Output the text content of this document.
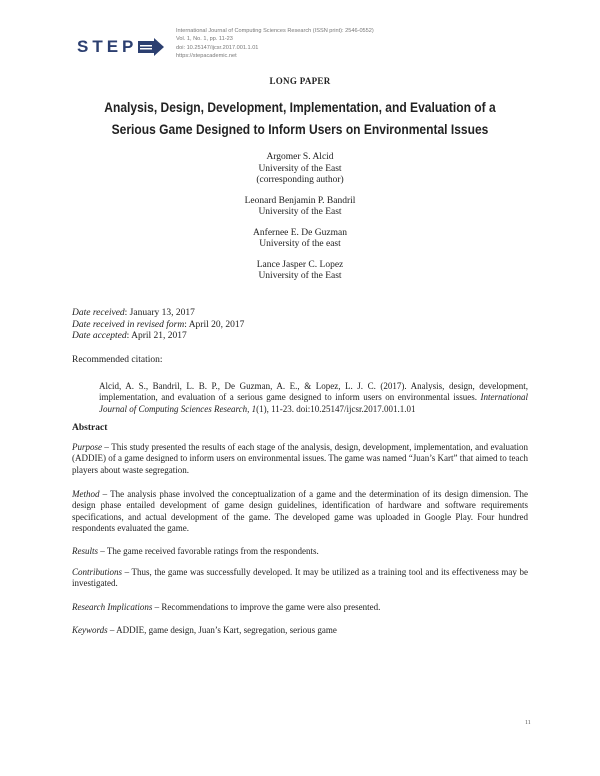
STEP
International Journal of Computing Sciences Research (ISSN print): 2546-0552)
Vol. 1, No. 1, pp. 11-23
doi: 10.25147/ijcsr.2017.001.1.01
https://stepacademic.net
LONG PAPER
Analysis, Design, Development, Implementation, and Evaluation of a Serious Game Designed to Inform Users on Environmental Issues
Argomer S. Alcid
University of the East
(corresponding author)
Leonard Benjamin P. Bandril
University of the East
Anfernee E. De Guzman
University of the east
Lance Jasper C. Lopez
University of the East
Date received: January 13, 2017
Date received in revised form: April 20, 2017
Date accepted: April 21, 2017
Recommended citation:
Alcid, A. S., Bandril, L. B. P., De Guzman, A. E., & Lopez, L. J. C. (2017). Analysis, design, development, implementation, and evaluation of a serious game designed to inform users on environmental issues. International Journal of Computing Sciences Research, 1(1), 11-23. doi:10.25147/ijcsr.2017.001.1.01
Abstract
Purpose – This study presented the results of each stage of the analysis, design, development, implementation, and evaluation (ADDIE) of a game designed to inform users on environmental issues. The game was named “Juan’s Kart” that aimed to teach players about waste segregation.
Method – The analysis phase involved the conceptualization of a game and the determination of its design dimension. The design phase entailed development of game design guidelines, identification of hardware and software requirements specifications, and actual development of the game. The developed game was uploaded in Google Play. Four hundred respondents evaluated the game.
Results – The game received favorable ratings from the respondents.
Contributions – Thus, the game was successfully developed. It may be utilized as a training tool and its effectiveness may be investigated.
Research Implications – Recommendations to improve the game were also presented.
Keywords – ADDIE, game design, Juan’s Kart, segregation, serious game
11
